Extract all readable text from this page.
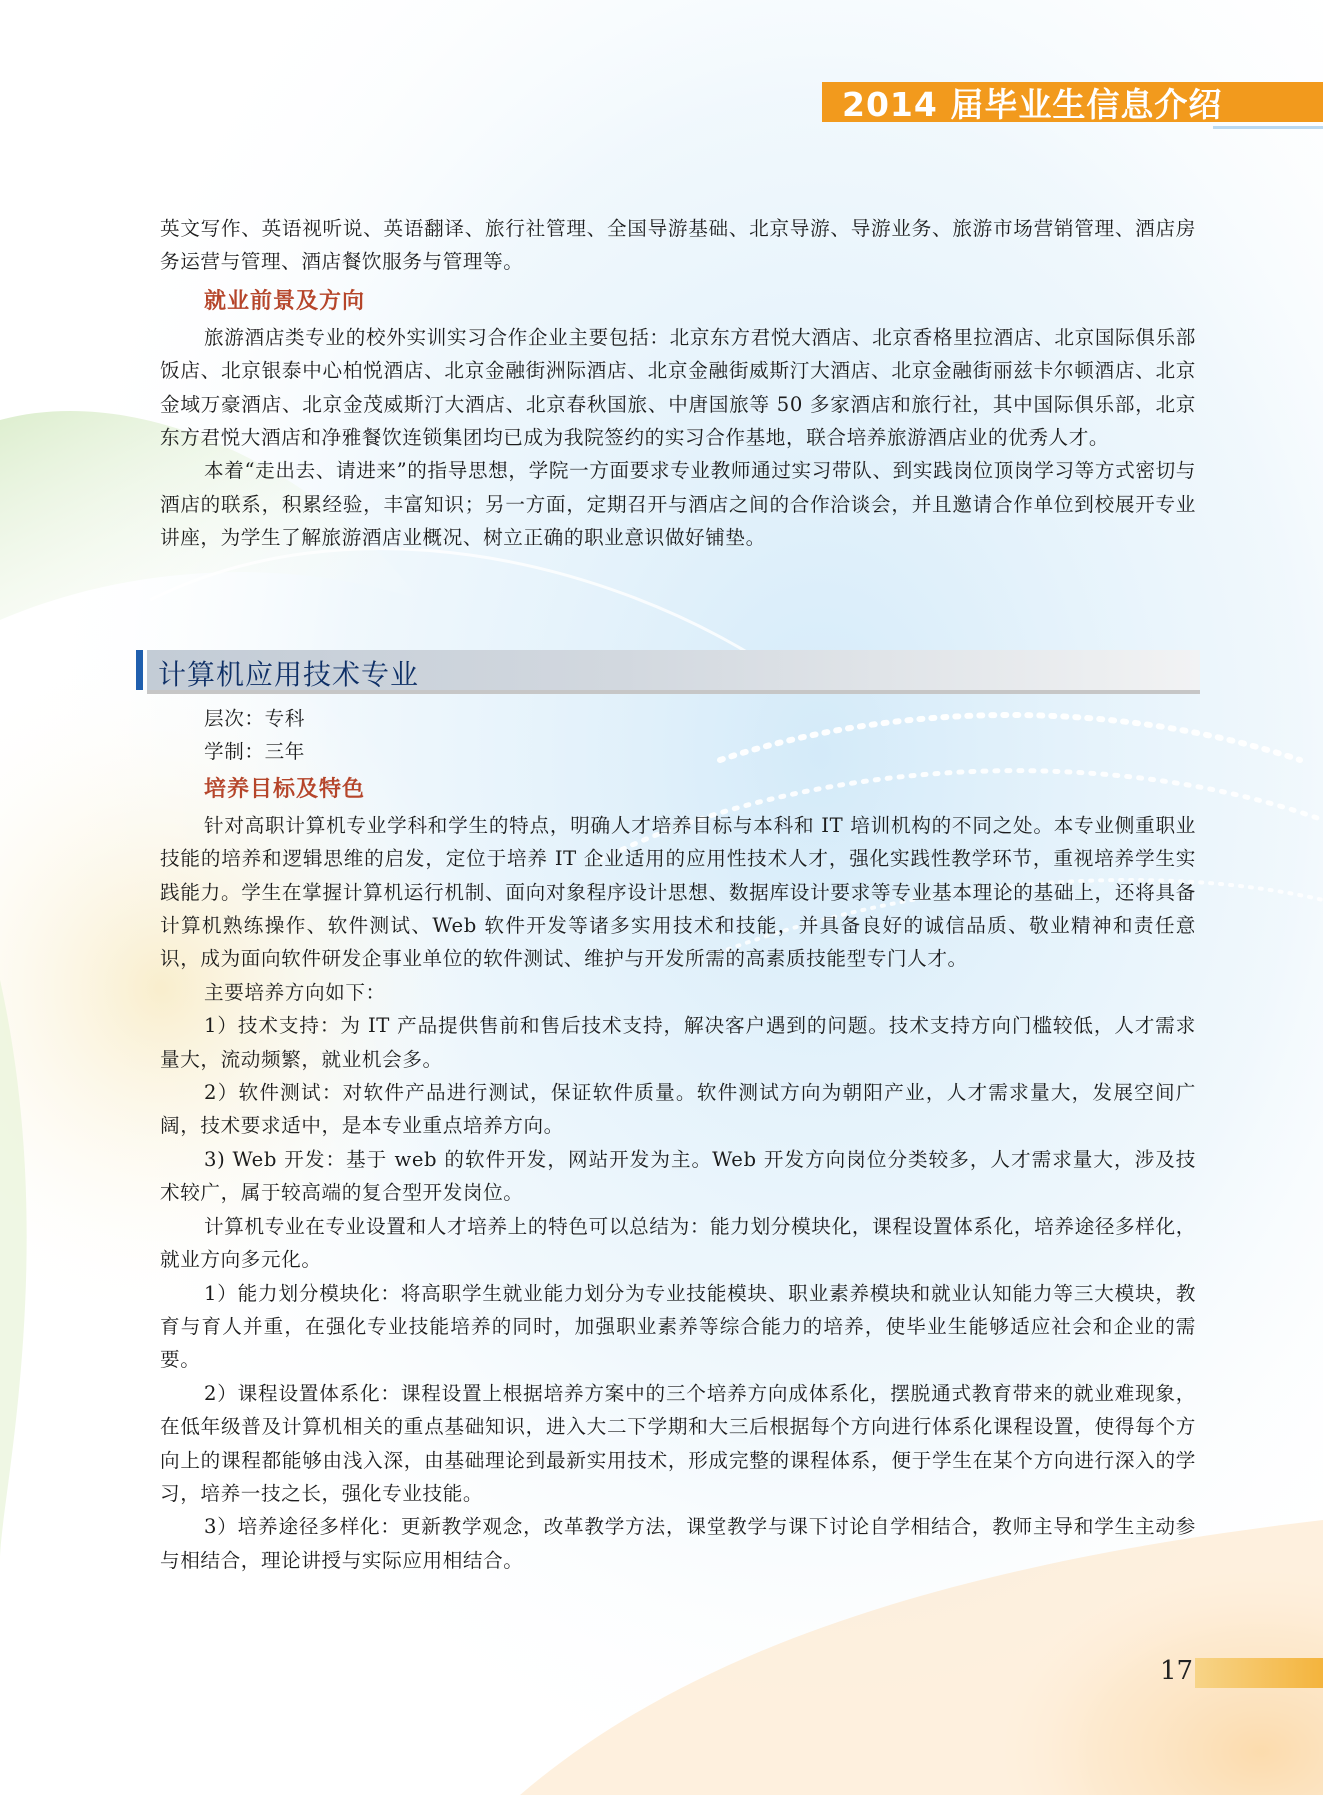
2014 届毕业生信息介绍
计算机应用技术专业

英文写作、英语视听说、英语翻译、旅行社管理、全国导游基础、北京导游、导游业务、旅游市场营销管理、酒店房务运营与管理、酒店餐饮服务与管理等。

就业前景及方向

旅游酒店类专业的校外实训实习合作企业主要包括：北京东方君悦大酒店、北京香格里拉酒店、北京国际俱乐部饭店、北京银泰中心柏悦酒店、北京金融街洲际酒店、北京金融街威斯汀大酒店、北京金融街丽兹卡尔顿酒店、北京金域万豪酒店、北京金茂威斯汀大酒店、北京春秋国旅、中唐国旅等 50 多家酒店和旅行社，其中国际俱乐部，北京东方君悦大酒店和净雅餐饮连锁集团均已成为我院签约的实习合作基地，联合培养旅游酒店业的优秀人才。

本着“走出去、请进来”的指导思想，学院一方面要求专业教师通过实习带队、到实践岗位顶岗学习等方式密切与酒店的联系，积累经验，丰富知识；另一方面，定期召开与酒店之间的合作洽谈会，并且邀请合作单位到校展开专业讲座，为学生了解旅游酒店业概况、树立正确的职业意识做好铺垫。

层次：专科

学制：三年

培养目标及特色

针对高职计算机专业学科和学生的特点，明确人才培养目标与本科和 IT 培训机构的不同之处。本专业侧重职业技能的培养和逻辑思维的启发，定位于培养 IT 企业适用的应用性技术人才，强化实践性教学环节，重视培养学生实践能力。学生在掌握计算机运行机制、面向对象程序设计思想、数据库设计要求等专业基本理论的基础上，还将具备计算机熟练操作、软件测试、Web 软件开发等诸多实用技术和技能，并具备良好的诚信品质、敬业精神和责任意识，成为面向软件研发企事业单位的软件测试、维护与开发所需的高素质技能型专门人才。

主要培养方向如下：

1）技术支持：为 IT 产品提供售前和售后技术支持，解决客户遇到的问题。技术支持方向门槛较低，人才需求量大，流动频繁，就业机会多。

2）软件测试：对软件产品进行测试，保证软件质量。软件测试方向为朝阳产业，人才需求量大，发展空间广阔，技术要求适中，是本专业重点培养方向。

3) Web 开发：基于 web 的软件开发，网站开发为主。Web 开发方向岗位分类较多，人才需求量大，涉及技术较广，属于较高端的复合型开发岗位。

计算机专业在专业设置和人才培养上的特色可以总结为：能力划分模块化，课程设置体系化，培养途径多样化，就业方向多元化。

1）能力划分模块化：将高职学生就业能力划分为专业技能模块、职业素养模块和就业认知能力等三大模块，教育与育人并重，在强化专业技能培养的同时，加强职业素养等综合能力的培养，使毕业生能够适应社会和企业的需要。

2）课程设置体系化：课程设置上根据培养方案中的三个培养方向成体系化，摆脱通式教育带来的就业难现象，在低年级普及计算机相关的重点基础知识，进入大二下学期和大三后根据每个方向进行体系化课程设置，使得每个方向上的课程都能够由浅入深，由基础理论到最新实用技术，形成完整的课程体系，便于学生在某个方向进行深入的学习，培养一技之长，强化专业技能。

3）培养途径多样化：更新教学观念，改革教学方法，课堂教学与课下讨论自学相结合，教师主导和学生主动参与相结合，理论讲授与实际应用相结合。

17
